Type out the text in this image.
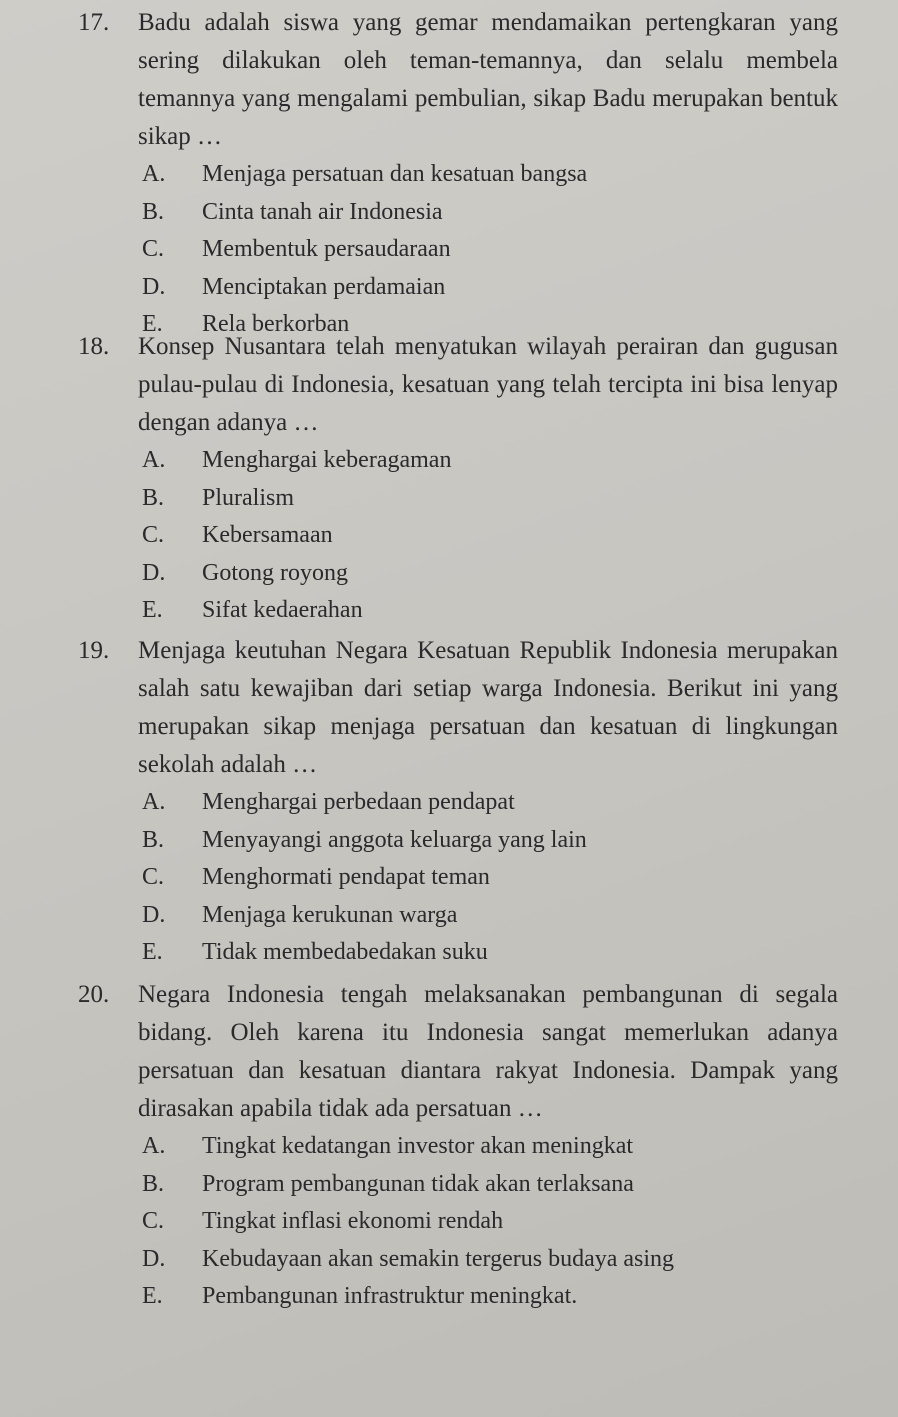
17. Badu adalah siswa yang gemar mendamaikan pertengkaran yang sering dilakukan oleh teman-temannya, dan selalu membela temannya yang mengalami pembulian, sikap Badu merupakan bentuk sikap …
A.	Menjaga persatuan dan kesatuan bangsa
B.	Cinta tanah air Indonesia
C.	Membentuk persaudaraan
D.	Menciptakan perdamaian
E.	Rela berkorban
18. Konsep Nusantara telah menyatukan wilayah perairan dan gugusan pulau-pulau di Indonesia, kesatuan yang telah tercipta ini bisa lenyap dengan adanya …
A.	Menghargai keberagaman
B.	Pluralism
C.	Kebersamaan
D.	Gotong royong
E.	Sifat kedaerahan
19. Menjaga keutuhan Negara Kesatuan Republik Indonesia merupakan salah satu kewajiban dari setiap warga Indonesia. Berikut ini yang merupakan sikap menjaga persatuan dan kesatuan di lingkungan sekolah adalah …
A.	Menghargai perbedaan pendapat
B.	Menyayangi anggota keluarga yang lain
C.	Menghormati pendapat teman
D.	Menjaga kerukunan warga
E.	Tidak membedabedakan suku
20. Negara Indonesia tengah melaksanakan pembangunan di segala bidang. Oleh karena itu Indonesia sangat memerlukan adanya persatuan dan kesatuan diantara rakyat Indonesia. Dampak yang dirasakan apabila tidak ada persatuan …
A.	Tingkat kedatangan investor akan meningkat
B.	Program pembangunan tidak akan terlaksana
C.	Tingkat inflasi ekonomi rendah
D.	Kebudayaan akan semakin tergerus budaya asing
E.	Pembangunan infrastruktur meningkat.
